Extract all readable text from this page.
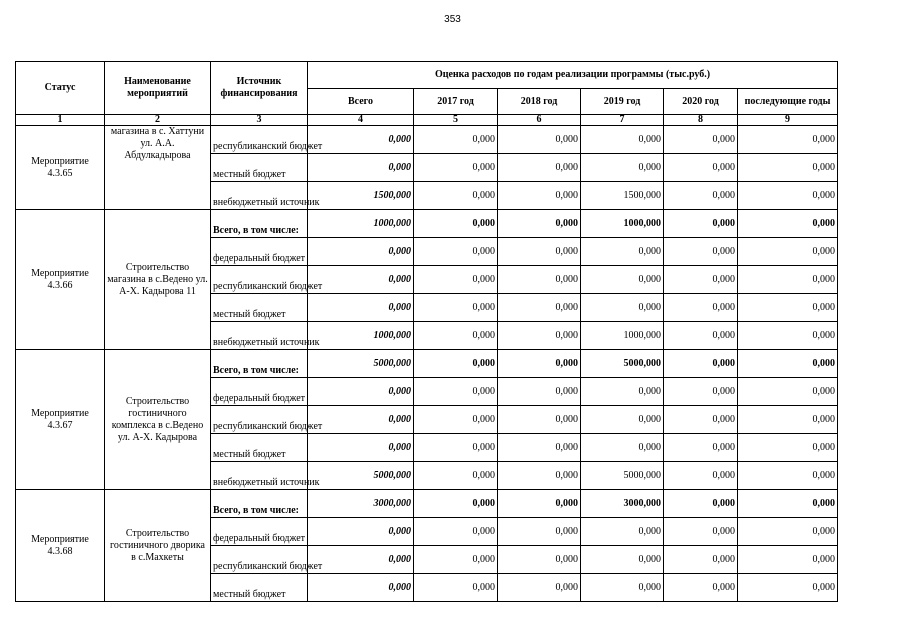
353
Статус	Наименование мероприятий	Источник финансирования	Оценка расходов по годам реализации программы (тыс.руб.)					
			Всего	2017 год	2018 год	2019 год	2020 год	последующие годы
1	2	3	4	5	6	7	8	9
Мероприятие 4.3.65	магазина в с. Хаттуни ул. А.А. Абдулкадырова	республиканский бюджет	0,000	0,000	0,000	0,000	0,000	0,000
		местный бюджет	0,000	0,000	0,000	0,000	0,000	0,000
		внебюджетный источник	1500,000	0,000	0,000	1500,000	0,000	0,000
Мероприятие 4.3.66	Строительство магазина в с.Ведено ул. А-Х. Кадырова 11	Всего, в том числе:	1000,000	0,000	0,000	1000,000	0,000	0,000
		федеральный бюджет	0,000	0,000	0,000	0,000	0,000	0,000
		республиканский бюджет	0,000	0,000	0,000	0,000	0,000	0,000
		местный бюджет	0,000	0,000	0,000	0,000	0,000	0,000
		внебюджетный источник	1000,000	0,000	0,000	1000,000	0,000	0,000
Мероприятие 4.3.67	Строительство гостиничного комплекса в с.Ведено ул. А-Х. Кадырова	Всего, в том числе:	5000,000	0,000	0,000	5000,000	0,000	0,000
		федеральный бюджет	0,000	0,000	0,000	0,000	0,000	0,000
		республиканский бюджет	0,000	0,000	0,000	0,000	0,000	0,000
		местный бюджет	0,000	0,000	0,000	0,000	0,000	0,000
		внебюджетный источник	5000,000	0,000	0,000	5000,000	0,000	0,000
Мероприятие 4.3.68	Строительство гостиничного дворика в с.Махкеты	Всего, в том числе:	3000,000	0,000	0,000	3000,000	0,000	0,000
		федеральный бюджет	0,000	0,000	0,000	0,000	0,000	0,000
		республиканский бюджет	0,000	0,000	0,000	0,000	0,000	0,000
		местный бюджет	0,000	0,000	0,000	0,000	0,000	0,000
